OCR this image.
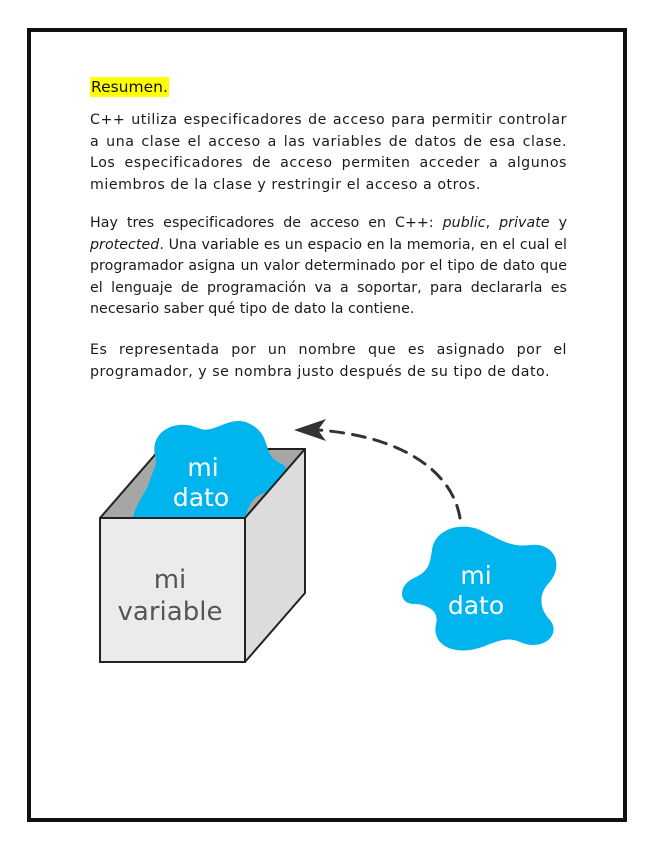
Resumen.

C++ utiliza especificadores de acceso para permitir controlar a una clase el acceso a las variables de datos de esa clase. Los especificadores de acceso permiten acceder a algunos miembros de la clase y restringir el acceso a otros.

Hay tres especificadores de acceso en C++: public, private y protected. Una variable es un espacio en la memoria, en el cual el programador asigna un valor determinado por el tipo de dato que el lenguaje de programación va a soportar, para declararla es necesario saber qué tipo de dato la contiene.

Es representada por un nombre que es asignado por el programador, y se nombra justo después de su tipo de dato.

mi
variable
mi
dato
mi
dato
